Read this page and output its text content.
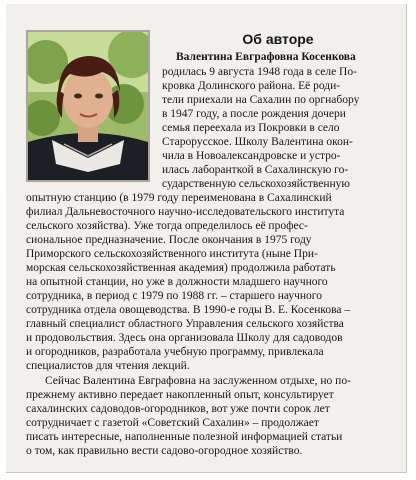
Об авторе
Валентина Евграфовна Косенкова
родилась 9 августа 1948 года в селе По-
кровка Долинского района. Её роди-
тели приехали на Сахалин по оргнабору
в 1947 году, а после рождения дочери
семья переехала из Покровки в село
Старорусское. Школу Валентина окон-
чила в Новоалександровске и устро-
илась лаборанткой в Сахалинскую го-
сударственную сельскохозяйственную
опытную станцию (в 1979 году переименована в Сахалинский
филиал Дальневосточного научно-исследовательского института
сельского хозяйства). Уже тогда определилось её профес-
сиональное предназначение. После окончания в 1975 году
Приморского сельскохозяйственного института (ныне При-
морская сельскохозяйственная академия) продолжила работать
на опытной станции, но уже в должности младшего научного
сотрудника, в период с 1979 по 1988 гг. – старшего научного
сотрудника отдела овощеводства. В 1990-е годы В. Е. Косенкова –
главный специалист областного Управления сельского хозяйства
и продовольствия. Здесь она организовала Школу для садоводов
и огородников, разработала учебную программу, привлекала
специалистов для чтения лекций.
Сейчас Валентина Евграфовна на заслуженном отдыхе, но по-
прежнему активно передает накопленный опыт, консультирует
сахалинских садоводов-огородников, вот уже почти сорок лет
сотрудничает с газетой «Советский Сахалин» – продолжает
писать интересные, наполненные полезной информацией статьи
о том, как правильно вести садово-огородное хозяйство.
